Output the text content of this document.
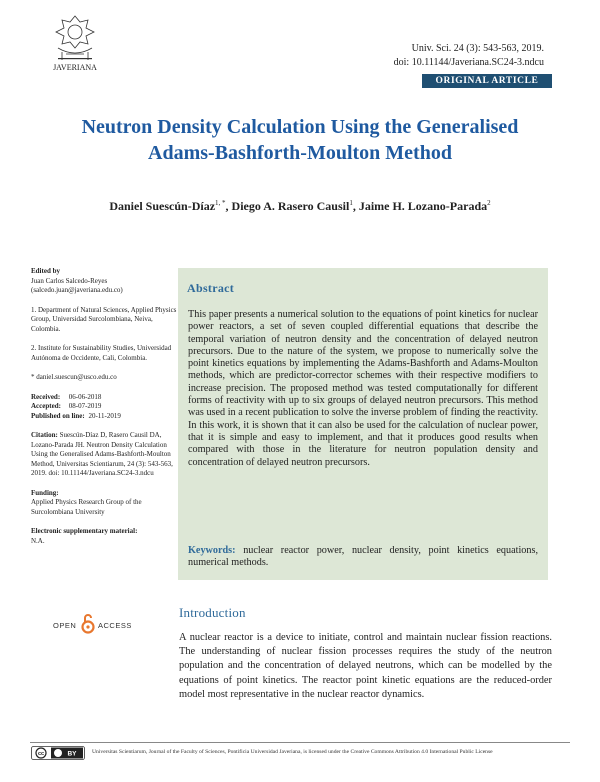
JAVERIANA
Univ. Sci. 24 (3): 543-563, 2019.
doi: 10.11144/Javeriana.SC24-3.ndcu
ORIGINAL ARTICLE
Neutron Density Calculation Using the Generalised
Adams-Bashforth-Moulton Method
Daniel Suescún-Díaz$^{1, *}$, Diego A. Rasero Causil$^1$, Jaime H. Lozano-Parada$^2$

Edited by

Juan Carlos Salcedo-Reyes

(salcedo.juan@javeriana.edu.co)

1. Department of Natural Sciences, Applied Physics Group, Universidad Surcolombiana, Neiva, Colombia.

2. Institute for Sustainability Studies, Universidad Autónoma de Occidente, Cali, Colombia.

* daniel.suescun@usco.edu.co

Received: 06-06-2018

Accepted: 08-07-2019

Published on line: 20-11-2019

Citation: Suescún-Díaz D, Rasero Causil DA, Lozano-Parada JH. Neutron Density Calculation Using the Generalised Adams-Bashforth-Moulton Method, Universitas Scientiarum, 24 (3): 543-563, 2019. doi: 10.11144/Javeriana.SC24-3.ndcu

Funding:

Applied Physics Research Group of the Surcolombiana University

Electronic supplementary material:

N.A.

OPEN	ACCESS
Abstract

This paper presents a numerical solution to the equations of point kinetics for nuclear power reactors, a set of seven coupled differential equations that describe the temporal variation of neutron density and the concentration of delayed neutron precursors. Due to the nature of the system, we propose to numerically solve the point kinetics equations by implementing the Adams-Bashforth and Adams-Moulton methods, which are predictor-corrector schemes with their respective modifiers to increase precision. The proposed method was tested computationally for different forms of reactivity with up to six groups of delayed neutron precursors. This method was used in a recent publication to solve the inverse problem of finding the reactivity. In this work, it is shown that it can also be used for the calculation of nuclear power, that it is simple and easy to implement, and that it produces good results when compared with those in the literature for neutron population density and concentration of delayed neutron precursors.

Keywords: nuclear reactor power, nuclear density, point kinetics equations, numerical methods.

Introduction

A nuclear reactor is a device to initiate, control and maintain nuclear fission reactions. The understanding of nuclear fission processes requires the study of the neutron population and the concentration of delayed neutrons, which can be modelled by the equations of point kinetics. The reactor point kinetic equations are the reduced-order model most representative in the nuclear reactor dynamics.

cc	BY	Universitas Scientiarum, Journal of the Faculty of Sciences, Pontificia Universidad Javeriana, is licensed under the Creative Commons Attribution 4.0 International Public License
